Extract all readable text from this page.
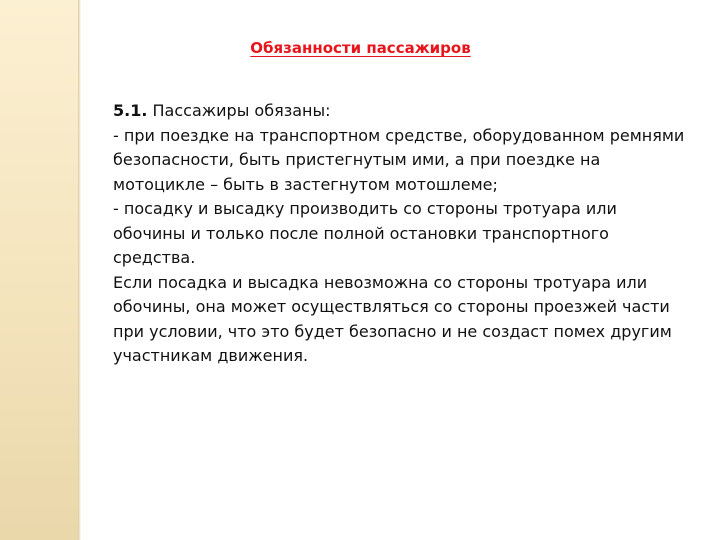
Обязанности пассажиров

5.1. Пассажиры обязаны:

- при поездке на транспортном средстве, оборудованном ремнями безопасности, быть пристегнутым ими, а при поездке на мотоцикле – быть в застегнутом мотошлеме;

- посадку и высадку производить со стороны тротуара или обочины и только после полной остановки транспортного средства.

Если посадка и высадка невозможна со стороны тротуара или обочины, она может осуществляться со стороны проезжей части при условии, что это будет безопасно и не создаст помех другим участникам движения.
